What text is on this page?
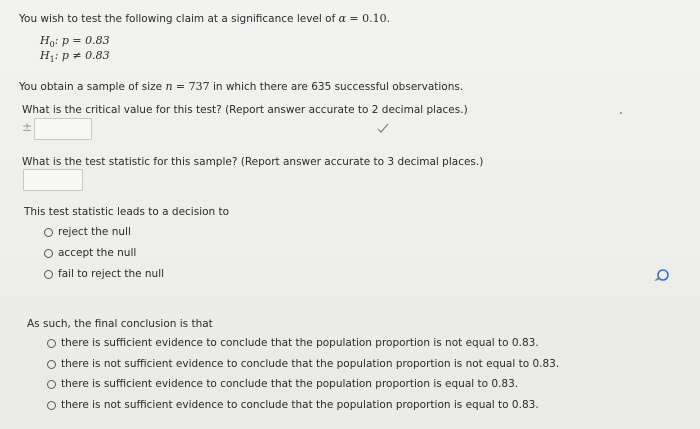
You wish to test the following claim at a significance level of α = 0.10.
$H_0$: p = 0.83
$H_1$: p ≠ 0.83
You obtain a sample of size n = 737 in which there are 635 successful observations.
What is the critical value for this test? (Report answer accurate to 2 decimal places.)
±
What is the test statistic for this sample? (Report answer accurate to 3 decimal places.)
This test statistic leads to a decision to
reject the null
accept the null
fail to reject the null
As such, the final conclusion is that
there is sufficient evidence to conclude that the population proportion is not equal to 0.83.
there is not sufficient evidence to conclude that the population proportion is not equal to 0.83.
there is sufficient evidence to conclude that the population proportion is equal to 0.83.
there is not sufficient evidence to conclude that the population proportion is equal to 0.83.
